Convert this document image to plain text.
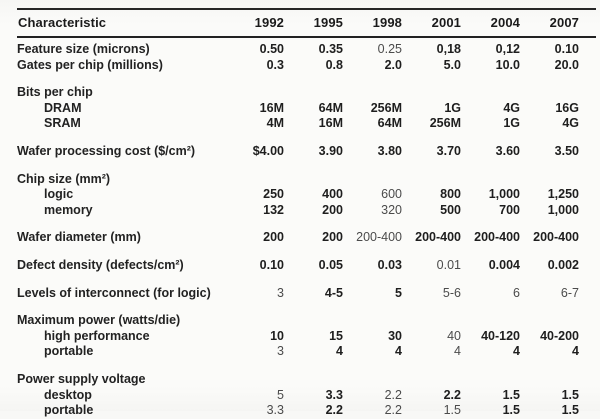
Characteristic	1992	1995	1998	2001	2004	2007
Feature size (microns)	0.50	0.35	0.25	0,18	0,12	0.10
Gates per chip (millions)	0.3	0.8	2.0	5.0	10.0	20.0
Bits per chip
DRAM	16M	64M	256M	1G	4G	16G
SRAM	4M	16M	64M	256M	1G	4G
Wafer processing cost ($/cm²)	$4.00	3.90	3.80	3.70	3.60	3.50
Chip size (mm²)
logic	250	400	600	800	1,000	1,250
memory	132	200	320	500	700	1,000
Wafer diameter (mm)	200	200	200-400	200-400	200-400	200-400
Defect density (defects/cm²)	0.10	0.05	0.03	0.01	0.004	0.002
Levels of interconnect (for logic)	3	4-5	5	5-6	6	6-7
Maximum power (watts/die)
high performance	10	15	30	40	40-120	40-200
portable	3	4	4	4	4	4
Power supply voltage
desktop	5	3.3	2.2	2.2	1.5	1.5
portable	3.3	2.2	2.2	1.5	1.5	1.5
